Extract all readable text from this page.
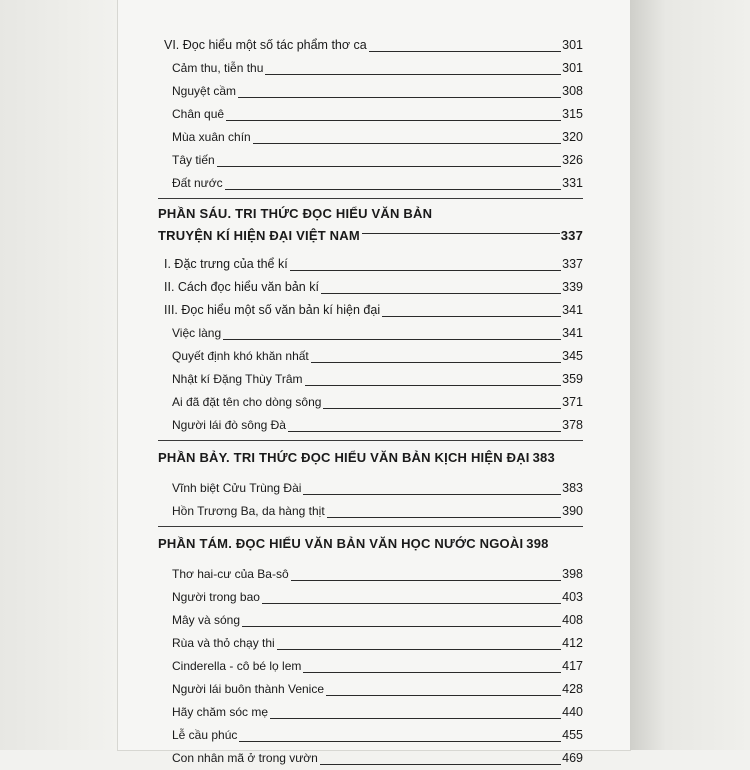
VI. Đọc hiểu một số tác phẩm thơ ca	301
Cảm thu, tiễn thu	301
Nguyệt cầm	308
Chân quê	315
Mùa xuân chín	320
Tây tiến	326
Đất nước	331
PHẦN SÁU. TRI THỨC ĐỌC HIỂU VĂN BẢN
TRUYỆN KÍ HIỆN ĐẠI VIỆT NAM	337
I. Đặc trưng của thể kí	337
II. Cách đọc hiểu văn bản kí	339
III. Đọc hiểu một số văn bản kí hiện đại	341
Việc làng	341
Quyết định khó khăn nhất	345
Nhật kí Đặng Thùy Trâm	359
Ai đã đặt tên cho dòng sông	371
Người lái đò sông Đà	378
PHẦN BẢY. TRI THỨC ĐỌC HIỂU VĂN BẢN KỊCH HIỆN ĐẠI 383
Vĩnh biệt Cửu Trùng Đài	383
Hồn Trương Ba, da hàng thịt	390
PHẦN TÁM. ĐỌC HIỂU VĂN BẢN VĂN HỌC NƯỚC NGOÀI 398
Thơ hai-cư của Ba-sô	398
Người trong bao	403
Mây và sóng	408
Rùa và thỏ chạy thi	412
Cinderella - cô bé lọ lem	417
Người lái buôn thành Venice	428
Hãy chăm sóc mẹ	440
Lễ cầu phúc	455
Con nhân mã ở trong vườn	469
